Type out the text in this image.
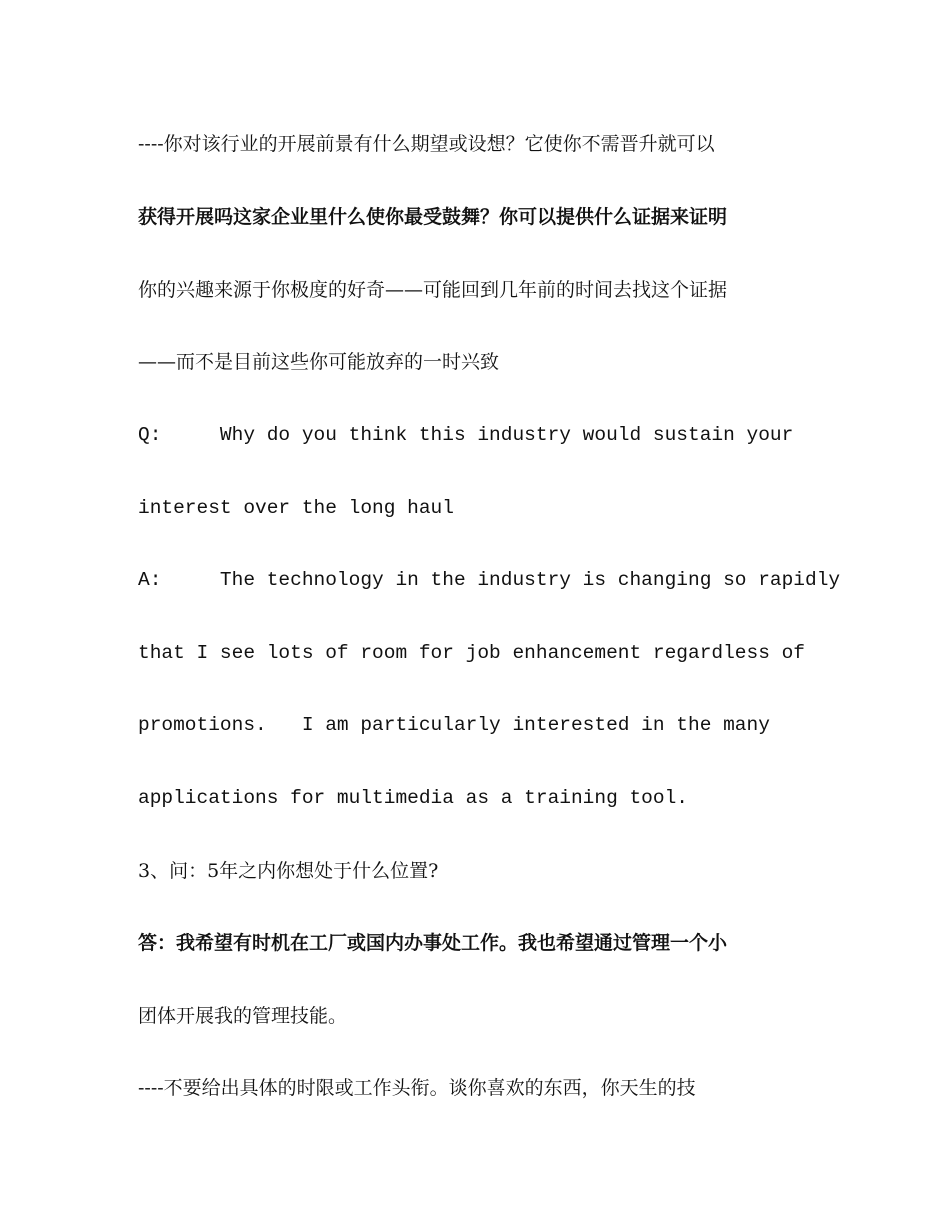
----你对该行业的开展前景有什么期望或设想？它使你不需晋升就可以
获得开展吗这家企业里什么使你最受鼓舞？你可以提供什么证据来证明
你的兴趣来源于你极度的好奇——可能回到几年前的时间去找这个证据
——而不是目前这些你可能放弃的一时兴致
Q:     Why do you think this industry would sustain your
interest over the long haul
A:     The technology in the industry is changing so rapidly
that I see lots of room for job enhancement regardless of
promotions.   I am particularly interested in the many
applications for multimedia as a training tool.
3、问：5年之内你想处于什么位置?
答：我希望有时机在工厂或国内办事处工作。我也希望通过管理一个小
团体开展我的管理技能。
----不要给出具体的时限或工作头衔。谈你喜欢的东西，你天生的技
